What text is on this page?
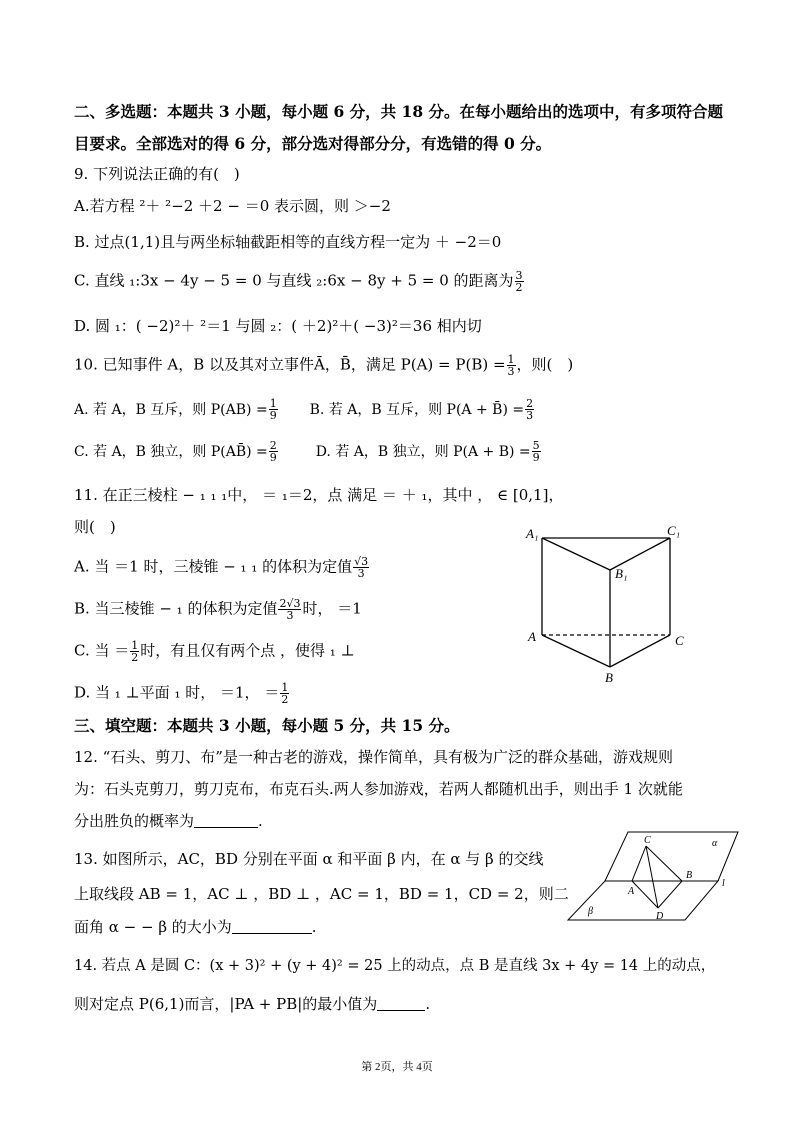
二、多选题：本题共 3 小题，每小题 6 分，共 18 分。在每小题给出的选项中，有多项符合题
目要求。全部选对的得 6 分，部分选对得部分分，有选错的得 0 分。
9. 下列说法正确的有(　)
A.若方程 ²＋ ²−2 ＋2 − ＝0 表示圆，则 ＞−2
B. 过点(1,1)且与两坐标轴截距相等的直线方程一定为 ＋ −2＝0
C. 直线 ₁:3x − 4y − 5 = 0 与直线 ₂:6x − 8y + 5 = 0 的距离为 $\frac{3}{2}$
D. 圆 ₁：( −2)²＋ ²＝1 与圆 ₂：( ＋2)²＋( −3)²＝36 相内切
10. 已知事件 A，B 以及其对立事件Ā，B̄，满足 $P(A) = P(B) = \frac{1}{3}$ ，则(　)
A. 若 A，B 互斥，则 $P(AB) = \frac{1}{9} B$. 若 A，B 互斥，则 P(A + B̄) = $\frac{2}{3}$
C. 若 A，B 独立，则 P(AB̄) = $\frac{2}{9}$	D. 若 A，B 独立，则 $P(A + B) = \frac{5}{9}$
11. 在正三棱柱 − ₁ ₁ ₁中， ＝ ₁＝2，点 满足 ＝ ＋ ₁，其中 ， ∈ [0,1]，
则(　)
A. 当 ＝1 时，三棱锥 − ₁ ₁ 的体积为定值 $\frac{√3}{3}$
B. 当三棱锥 − ₁ 的体积为定值 $\frac{2√3}{3}$ 时， ＝1
C. 当 ＝ $\frac{1}{2}$ 时，有且仅有两个点 ，使得 ₁ ⊥
D. 当 ₁ ⊥平面 ₁ 时， ＝1， ＝ $\frac{1}{2}$
A₁	C₁
B₁
A	C
B
三、填空题：本题共 3 小题，每小题 5 分，共 15 分。
12. “石头、剪刀、布”是一种古老的游戏，操作简单，具有极为广泛的群众基础，游戏规则
为：石头克剪刀，剪刀克布，布克石头.两人参加游戏，若两人都随机出手，则出手 1 次就能
分出胜负的概率为	.
13. 如图所示，AC，BD 分别在平面 α 和平面 β 内，在 α 与 β 的交线
上取线段 AB = 1，AC ⊥ ，BD ⊥ ，AC = 1，BD = 1，CD = 2，则二
面角 α − − β 的大小为	.
C	α
B
l
A
β	D
14. 若点 A 是圆 C：(x + 3)² + (y + 4)² = 25 上的动点，点 B 是直线 3x + 4y = 14 上的动点，
则对定点 P(6,1)而言，|PA + PB|的最小值为	.
第 2页，共 4页
